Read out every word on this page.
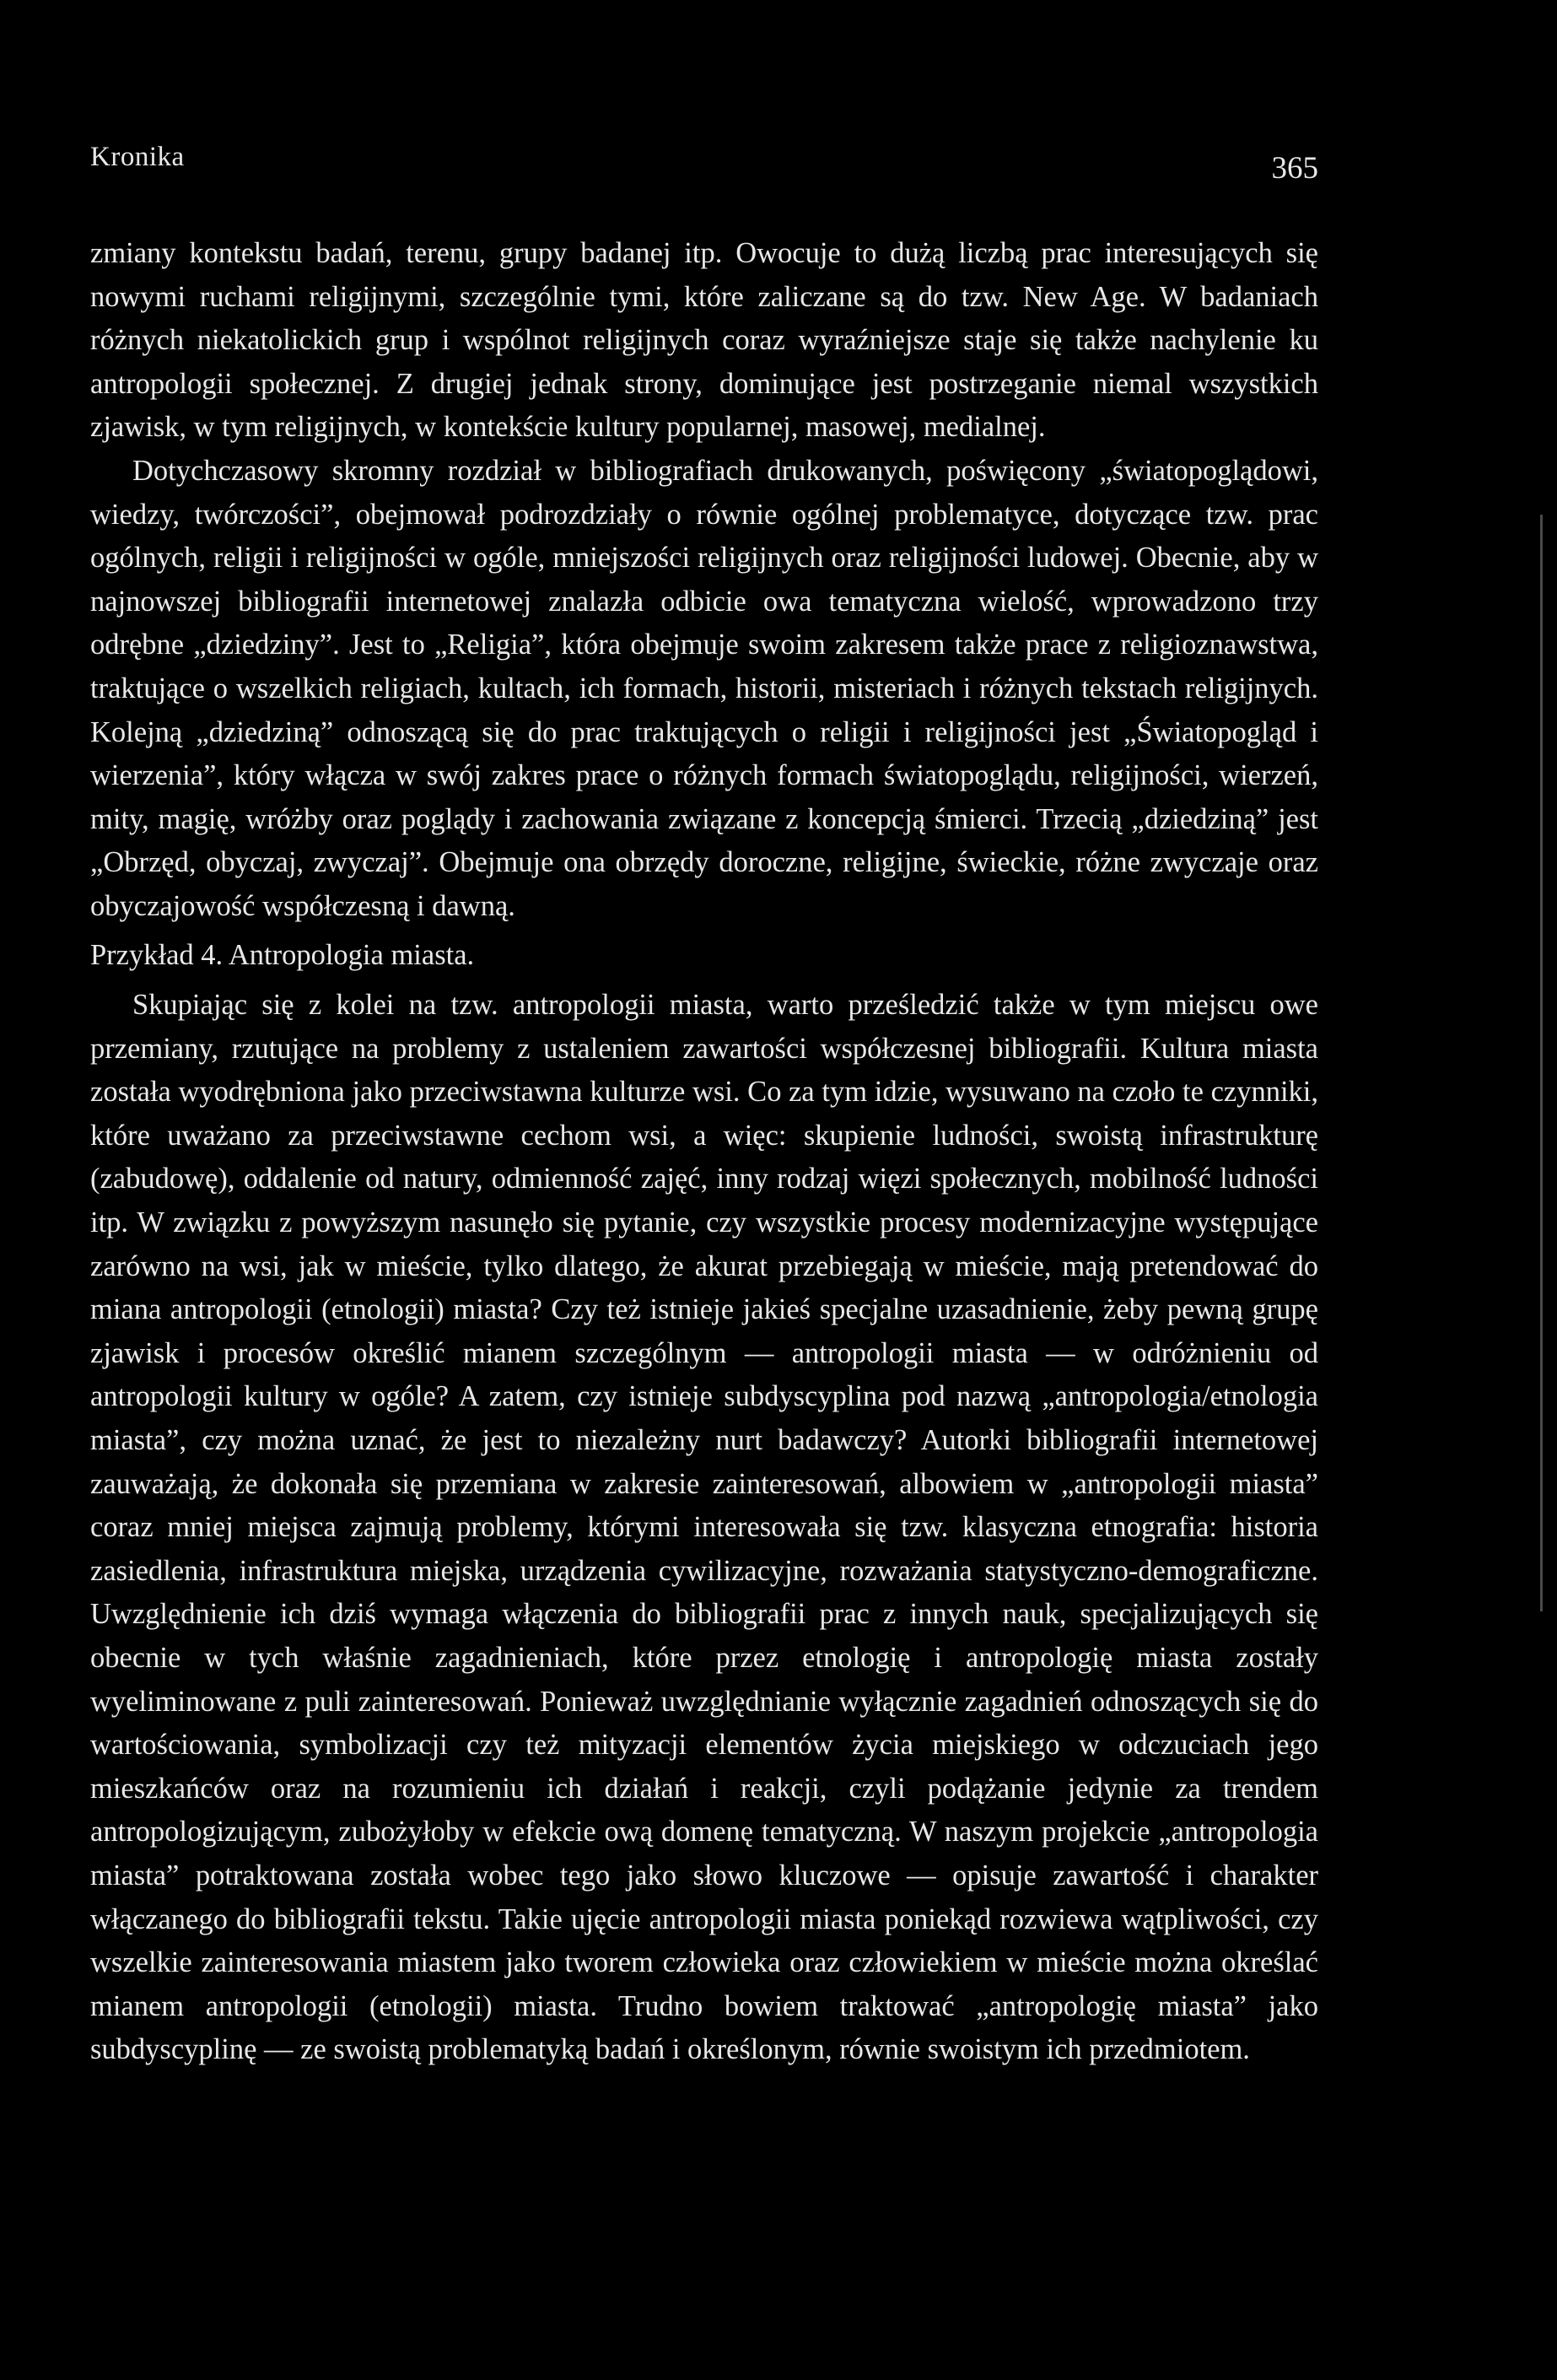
Kronika	365

zmiany kontekstu badań, terenu, grupy badanej itp. Owocuje to dużą liczbą prac interesujących się nowymi ruchami religijnymi, szczególnie tymi, które zaliczane są do tzw. New Age. W badaniach różnych niekatolickich grup i wspólnot religijnych coraz wyraźniejsze staje się także nachylenie ku antropologii społecznej. Z drugiej jednak strony, dominujące jest postrzeganie niemal wszystkich zjawisk, w tym religijnych, w kontekście kultury popularnej, masowej, medialnej.

Dotychczasowy skromny rozdział w bibliografiach drukowanych, poświęcony „światopoglądowi, wiedzy, twórczości”, obejmował podrozdziały o równie ogólnej problematyce, dotyczące tzw. prac ogólnych, religii i religijności w ogóle, mniejszości religijnych oraz religijności ludowej. Obecnie, aby w najnowszej bibliografii internetowej znalazła odbicie owa tematyczna wielość, wprowadzono trzy odrębne „dziedziny”. Jest to „Religia”, która obejmuje swoim zakresem także prace z religioznawstwa, traktujące o wszelkich religiach, kultach, ich formach, historii, misteriach i różnych tekstach religijnych. Kolejną „dziedziną” odnoszącą się do prac traktujących o religii i religijności jest „Światopogląd i wierzenia”, który włącza w swój zakres prace o różnych formach światopoglądu, religijności, wierzeń, mity, magię, wróżby oraz poglądy i zachowania związane z koncepcją śmierci. Trzecią „dziedziną” jest „Obrzęd, obyczaj, zwyczaj”. Obejmuje ona obrzędy doroczne, religijne, świeckie, różne zwyczaje oraz obyczajowość współczesną i dawną.

Przykład 4. Antropologia miasta.

Skupiając się z kolei na tzw. antropologii miasta, warto prześledzić także w tym miejscu owe przemiany, rzutujące na problemy z ustaleniem zawartości współczesnej bibliografii. Kultura miasta została wyodrębniona jako przeciwstawna kulturze wsi. Co za tym idzie, wysuwano na czoło te czynniki, które uważano za przeciwstawne cechom wsi, a więc: skupienie ludności, swoistą infrastrukturę (zabudowę), oddalenie od natury, odmienność zajęć, inny rodzaj więzi społecznych, mobilność ludności itp. W związku z powyższym nasunęło się pytanie, czy wszystkie procesy modernizacyjne występujące zarówno na wsi, jak w mieście, tylko dlatego, że akurat przebiegają w mieście, mają pretendować do miana antropologii (etnologii) miasta? Czy też istnieje jakieś specjalne uzasadnienie, żeby pewną grupę zjawisk i procesów określić mianem szczególnym — antropologii miasta — w odróżnieniu od antropologii kultury w ogóle? A zatem, czy istnieje subdyscyplina pod nazwą „antropologia/etnologia miasta”, czy można uznać, że jest to niezależny nurt badawczy? Autorki bibliografii internetowej zauważają, że dokonała się przemiana w zakresie zainteresowań, albowiem w „antropologii miasta” coraz mniej miejsca zajmują problemy, którymi interesowała się tzw. klasyczna etnografia: historia zasiedlenia, infrastruktura miejska, urządzenia cywilizacyjne, rozważania statystyczno-demograficzne. Uwzględnienie ich dziś wymaga włączenia do bibliografii prac z innych nauk, specjalizujących się obecnie w tych właśnie zagadnieniach, które przez etnologię i antropologię miasta zostały wyeliminowane z puli zainteresowań. Ponieważ uwzględnianie wyłącznie zagadnień odnoszących się do wartościowania, symbolizacji czy też mityzacji elementów życia miejskiego w odczuciach jego mieszkańców oraz na rozumieniu ich działań i reakcji, czyli podążanie jedynie za trendem antropologizującym, zubożyłoby w efekcie ową domenę tematyczną. W naszym projekcie „antropologia miasta” potraktowana została wobec tego jako słowo kluczowe — opisuje zawartość i charakter włączanego do bibliografii tekstu. Takie ujęcie antropologii miasta poniekąd rozwiewa wątpliwości, czy wszelkie zainteresowania miastem jako tworem człowieka oraz człowiekiem w mieście można określać mianem antropologii (etnologii) miasta. Trudno bowiem traktować „antropologię miasta” jako subdyscyplinę — ze swoistą problematyką badań i określonym, równie swoistym ich przedmiotem.
